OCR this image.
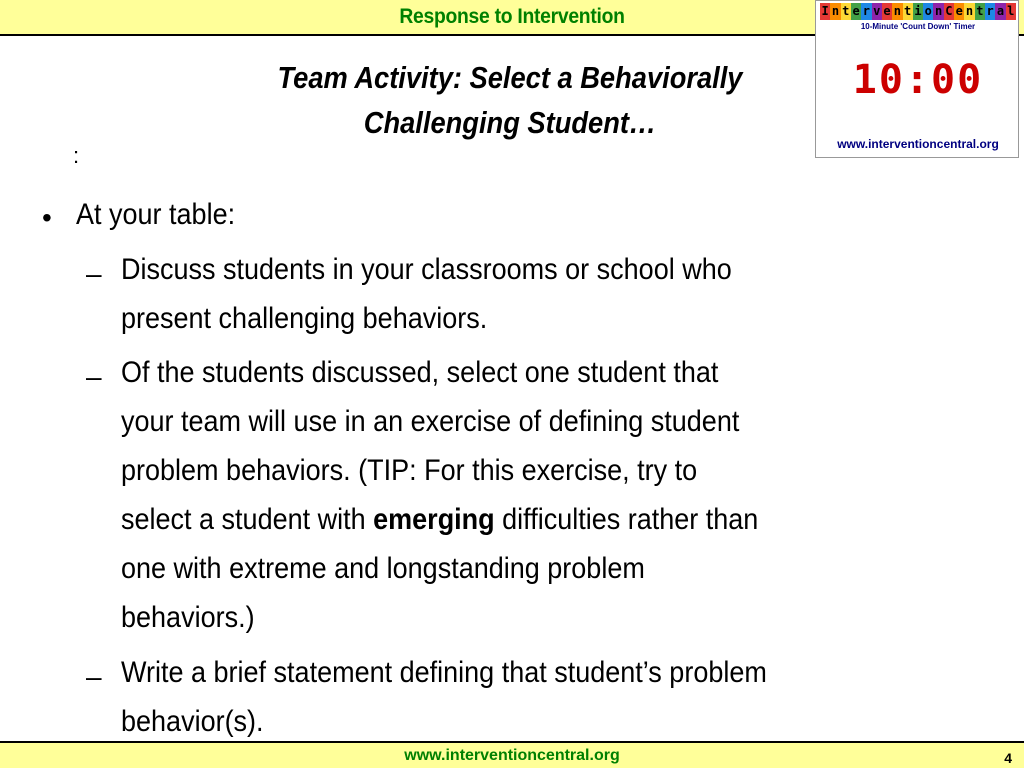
Response to Intervention	I n t e r v e n t i o n C e n t r a l
10-Minute 'Count Down' Timer
10:00
www.interventioncentral.org
Team Activity: Select a Behaviorally
Challenging Student…
:
• At your table:
– Discuss students in your classrooms or school who
present challenging behaviors.
– Of the students discussed, select one student that
your team will use in an exercise of defining student
problem behaviors. (TIP: For this exercise, try to
select a student with emerging difficulties rather than
one with extreme and longstanding problem
behaviors.)
– Write a brief statement defining that student’s problem
behavior(s).
www.interventioncentral.org	4
